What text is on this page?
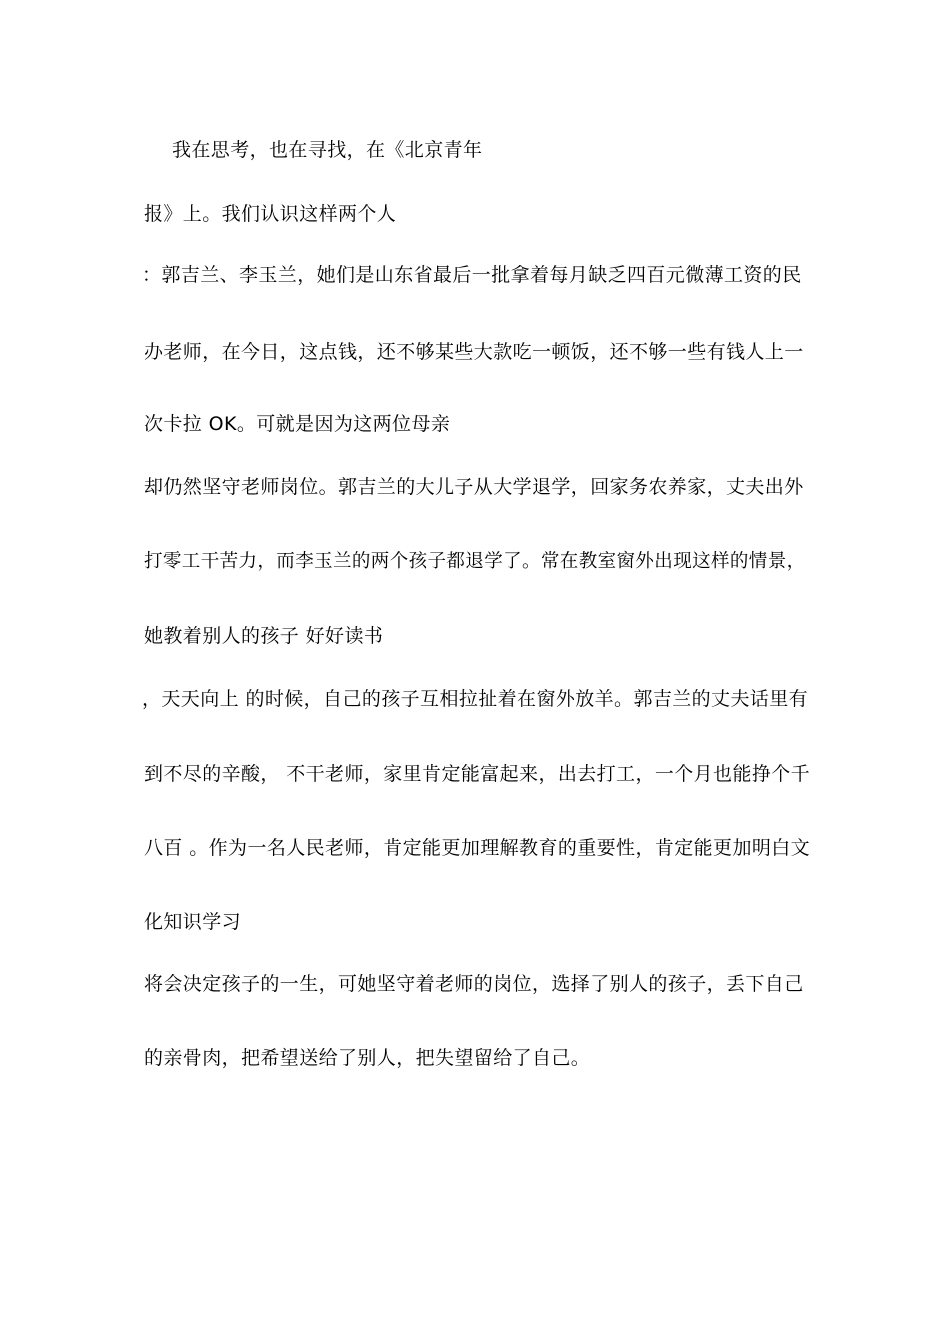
我在思考，也在寻找，在《北京青年
报》上。我们认识这样两个人
：郭吉兰、李玉兰，她们是山东省最后一批拿着每月缺乏四百元微薄工资的民
办老师，在今日，这点钱，还不够某些大款吃一顿饭，还不够一些有钱人上一
次卡拉 OK。可就是因为这两位母亲
却仍然坚守老师岗位。郭吉兰的大儿子从大学退学，回家务农养家，丈夫出外
打零工干苦力，而李玉兰的两个孩子都退学了。常在教室窗外出现这样的情景，
她教着别人的孩子 好好读书
，天天向上 的时候，自己的孩子互相拉扯着在窗外放羊。郭吉兰的丈夫话里有
到不尽的辛酸， 不干老师，家里肯定能富起来，出去打工，一个月也能挣个千
八百 。作为一名人民老师，肯定能更加理解教育的重要性，肯定能更加明白文
化知识学习
将会决定孩子的一生，可她坚守着老师的岗位，选择了别人的孩子，丢下自己
的亲骨肉，把希望送给了别人，把失望留给了自己。
